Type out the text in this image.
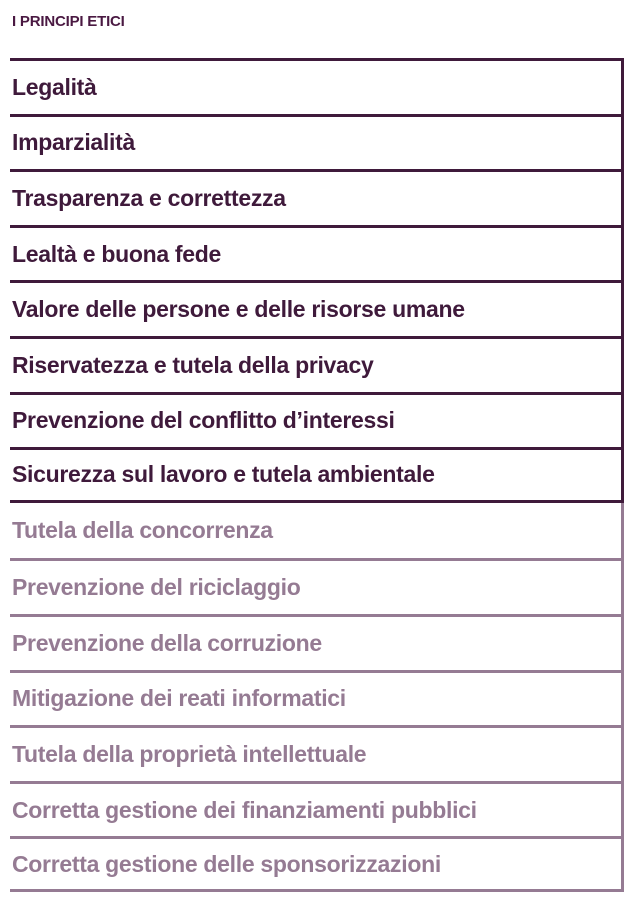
I PRINCIPI ETICI
Legalità
Imparzialità
Trasparenza e correttezza
Lealtà e buona fede
Valore delle persone e delle risorse umane
Riservatezza e tutela della privacy
Prevenzione del conflitto d’interessi
Sicurezza sul lavoro e tutela ambientale
Tutela della concorrenza
Prevenzione del riciclaggio
Prevenzione della corruzione
Mitigazione dei reati informatici
Tutela della proprietà intellettuale
Corretta gestione dei finanziamenti pubblici
Corretta gestione delle sponsorizzazioni
